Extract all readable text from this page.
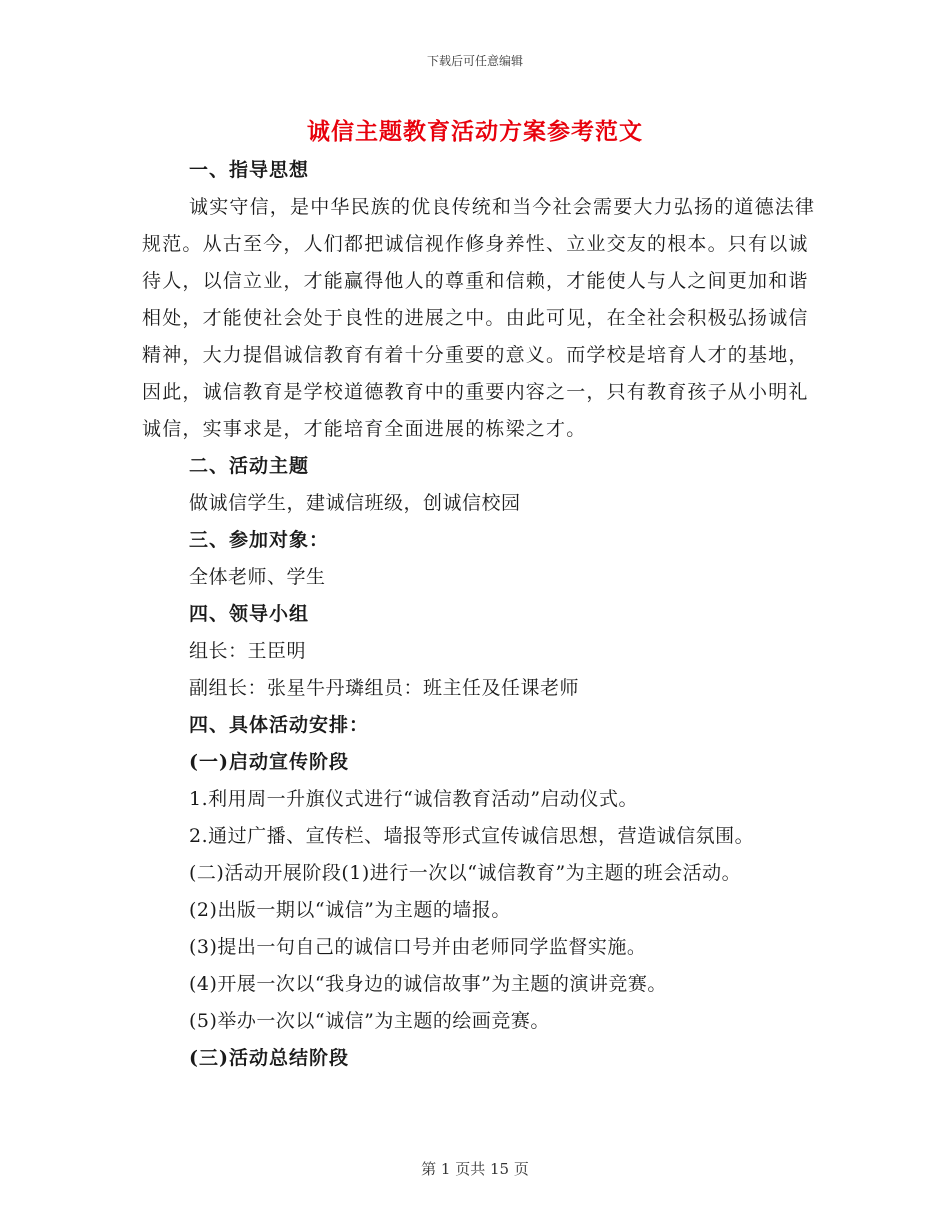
下载后可任意编辑
诚信主题教育活动方案参考范文
一、指导思想
诚实守信，是中华民族的优良传统和当今社会需要大力弘扬的道德法律规范。从古至今，人们都把诚信视作修身养性、立业交友的根本。只有以诚待人，以信立业，才能赢得他人的尊重和信赖，才能使人与人之间更加和谐相处，才能使社会处于良性的进展之中。由此可见，在全社会积极弘扬诚信精神，大力提倡诚信教育有着十分重要的意义。而学校是培育人才的基地，因此，诚信教育是学校道德教育中的重要内容之一，只有教育孩子从小明礼诚信，实事求是，才能培育全面进展的栋梁之才。
二、活动主题
做诚信学生，建诚信班级，创诚信校园
三、参加对象：
全体老师、学生
四、领导小组
组长：王臣明
副组长：张星牛丹璘组员：班主任及任课老师
四、具体活动安排：
(一)启动宣传阶段
1.利用周一升旗仪式进行“诚信教育活动”启动仪式。
2.通过广播、宣传栏、墙报等形式宣传诚信思想，营造诚信氛围。
(二)活动开展阶段(1)进行一次以“诚信教育”为主题的班会活动。
(2)出版一期以“诚信”为主题的墙报。
(3)提出一句自己的诚信口号并由老师同学监督实施。
(4)开展一次以“我身边的诚信故事”为主题的演讲竞赛。
(5)举办一次以“诚信”为主题的绘画竞赛。
(三)活动总结阶段
第 1 页共 15 页
